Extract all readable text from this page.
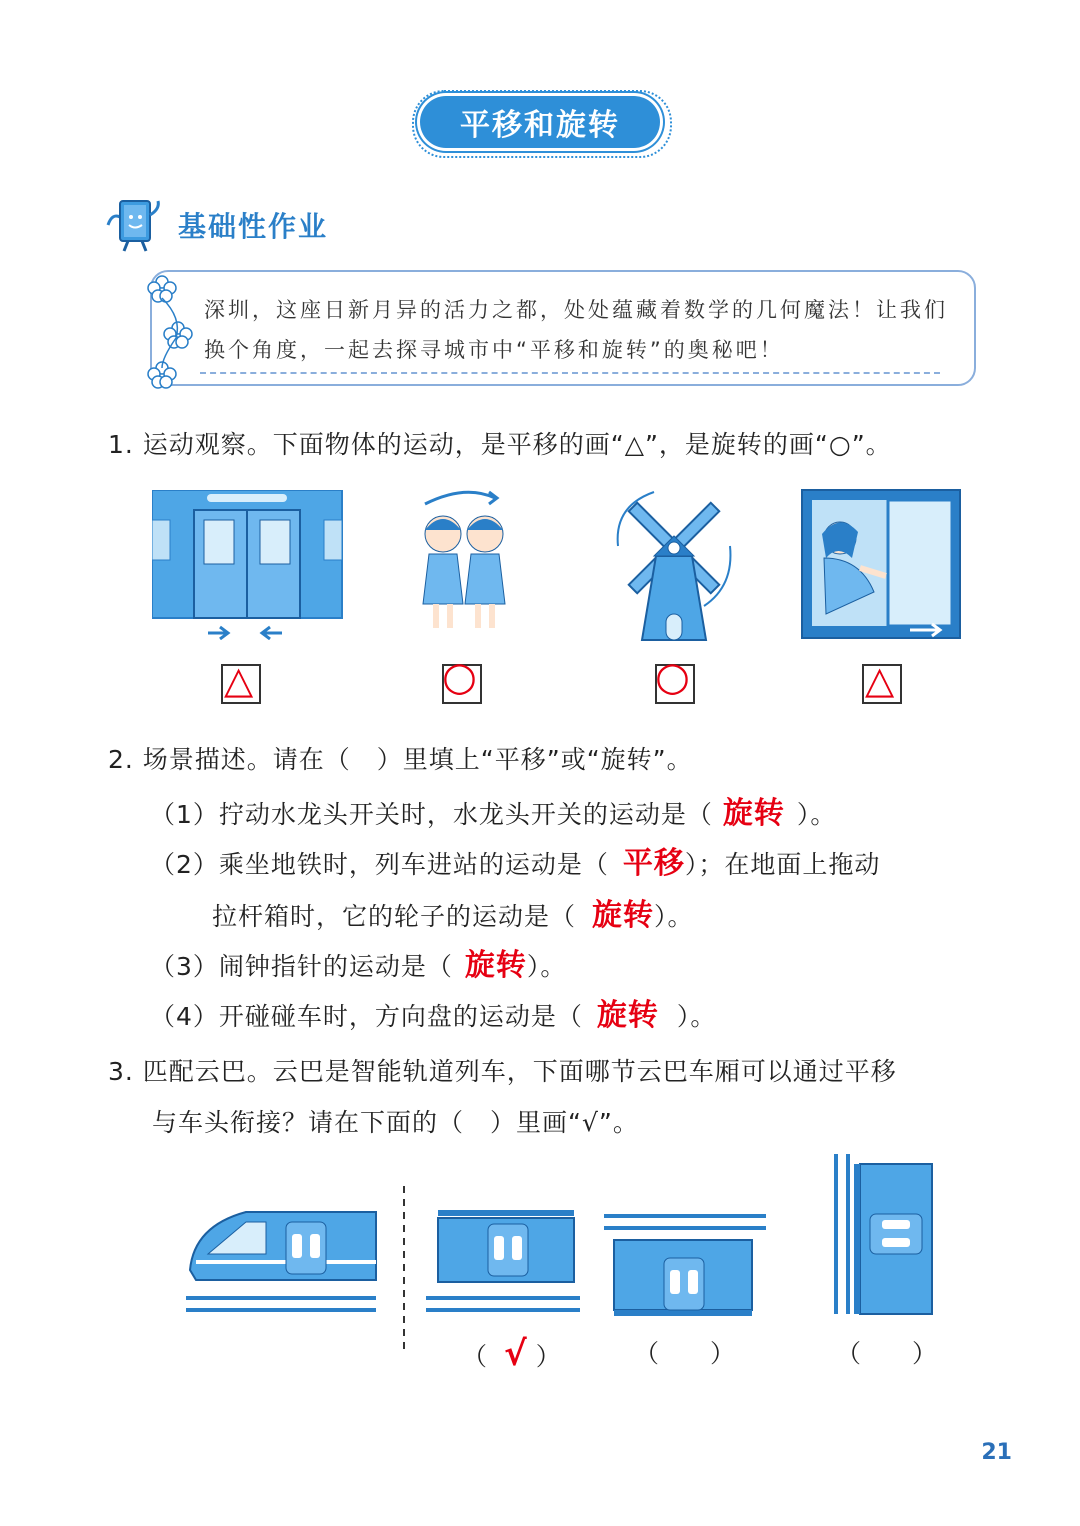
平移和旋转
基础性作业
深圳，这座日新月异的活力之都，处处蕴藏着数学的几何魔法！让我们
换个角度，一起去探寻城市中“平移和旋转”的奥秘吧！
1. 运动观察。下面物体的运动，是平移的画“△”，是旋转的画“○”。
△	○	○	△
2. 场景描述。请在（　）里填上“平移”或“旋转”。
（1）拧动水龙头开关时，水龙头开关的运动是（ 旋转 ）。
（2）乘坐地铁时，列车进站的运动是（ 平移）；在地面上拖动
拉杆箱时，它的轮子的运动是（ 旋转）。
（3）闹钟指针的运动是（ 旋转）。
（4）开碰碰车时，方向盘的运动是（ 旋转 ）。
3. 匹配云巴。云巴是智能轨道列车，下面哪节云巴车厢可以通过平移
与车头衔接？请在下面的（　）里画“√”。
（ √ ）	（ ）	（ ）
21
